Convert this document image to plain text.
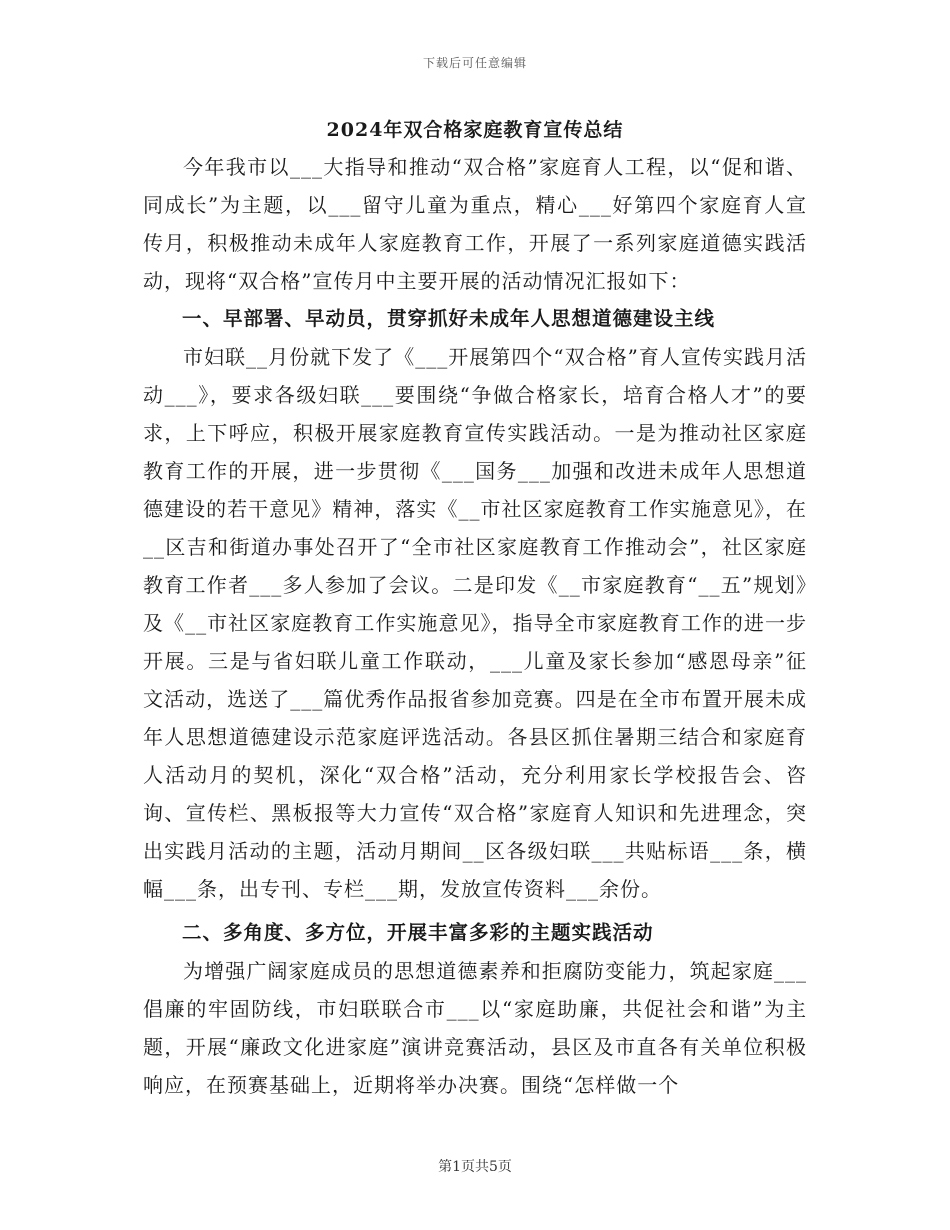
下载后可任意编辑
2024年双合格家庭教育宣传总结

今年我市以___大指导和推动“双合格”家庭育人工程，以“促和谐、同成长”为主题，以___留守儿童为重点，精心___好第四个家庭育人宣传月，积极推动未成年人家庭教育工作，开展了一系列家庭道德实践活动，现将“双合格”宣传月中主要开展的活动情况汇报如下：

一、早部署、早动员，贯穿抓好未成年人思想道德建设主线

市妇联__月份就下发了《___开展第四个“双合格”育人宣传实践月活动___》，要求各级妇联___要围绕“争做合格家长，培育合格人才”的要求，上下呼应，积极开展家庭教育宣传实践活动。一是为推动社区家庭教育工作的开展，进一步贯彻《___国务___加强和改进未成年人思想道德建设的若干意见》精神，落实《__市社区家庭教育工作实施意见》，在__区吉和街道办事处召开了“全市社区家庭教育工作推动会”，社区家庭教育工作者___多人参加了会议。二是印发《__市家庭教育“__五”规划》及《__市社区家庭教育工作实施意见》，指导全市家庭教育工作的进一步开展。三是与省妇联儿童工作联动，___儿童及家长参加“感恩母亲”征文活动，选送了___篇优秀作品报省参加竞赛。四是在全市布置开展未成年人思想道德建设示范家庭评选活动。各县区抓住暑期三结合和家庭育人活动月的契机，深化“双合格”活动，充分利用家长学校报告会、咨询、宣传栏、黑板报等大力宣传“双合格”家庭育人知识和先进理念，突出实践月活动的主题，活动月期间__区各级妇联___共贴标语___条，横幅___条，出专刊、专栏___期，发放宣传资料___余份。

二、多角度、多方位，开展丰富多彩的主题实践活动

为增强广阔家庭成员的思想道德素养和拒腐防变能力，筑起家庭___倡廉的牢固防线，市妇联联合市___以“家庭助廉，共促社会和谐”为主题，开展“廉政文化进家庭”演讲竞赛活动，县区及市直各有关单位积极响应，在预赛基础上，近期将举办决赛。围绕“怎样做一个

第1页共5页
